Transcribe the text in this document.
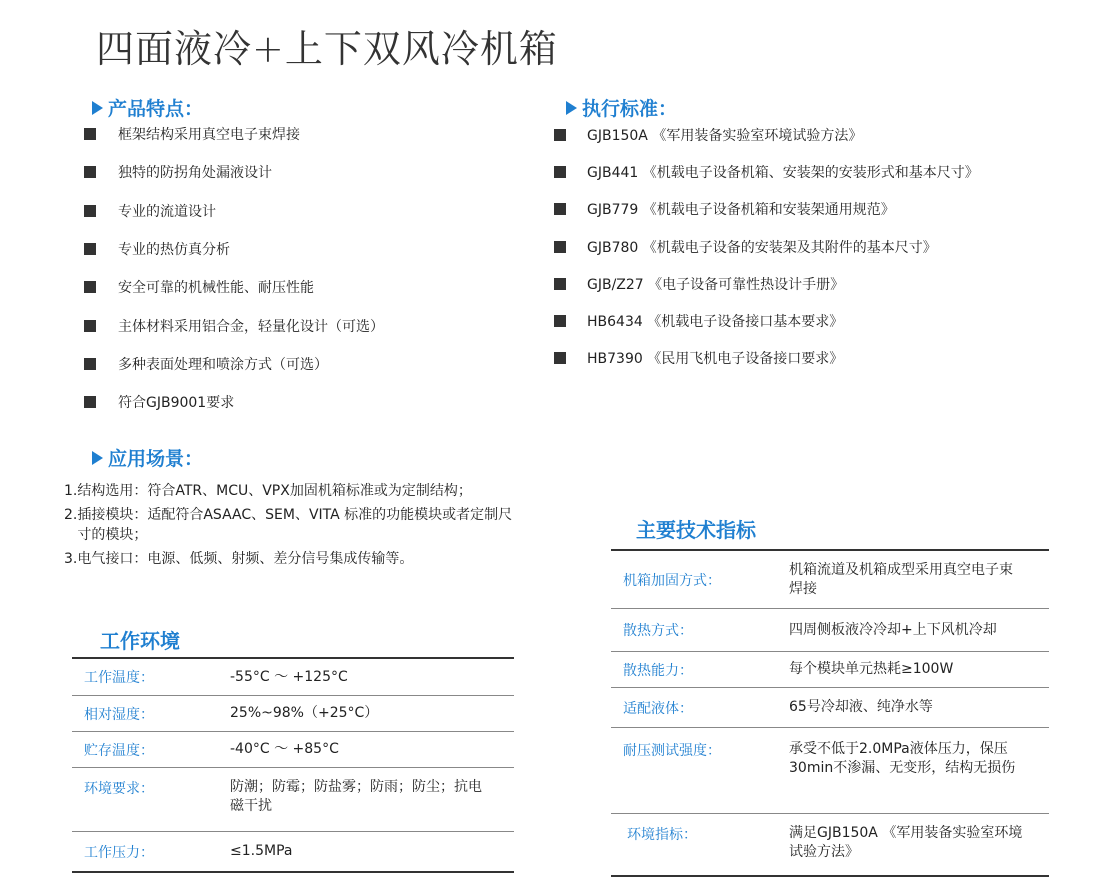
四面液冷+上下双风冷机箱
产品特点：
框架结构采用真空电子束焊接
独特的防拐角处漏液设计
专业的流道设计
专业的热仿真分析
安全可靠的机械性能、耐压性能
主体材料采用铝合金，轻量化设计（可选）
多种表面处理和喷涂方式（可选）
符合GJB9001要求
执行标准：
GJB150A 《军用装备实验室环境试验方法》
GJB441 《机载电子设备机箱、安装架的安装形式和基本尺寸》
GJB779 《机载电子设备机箱和安装架通用规范》
GJB780 《机载电子设备的安装架及其附件的基本尺寸》
GJB/Z27 《电子设备可靠性热设计手册》
HB6434 《机载电子设备接口基本要求》
HB7390 《民用飞机电子设备接口要求》
应用场景：
1. 结构选用：符合ATR、MCU、VPX加固机箱标准或为定制结构；
2. 插接模块：适配符合ASAAC、SEM、VITA 标准的功能模块或者定制尺寸的模块；
3. 电气接口：电源、低频、射频、差分信号集成传输等。
工作环境
工作温度：	-55°C ～ +125°C
相对湿度：	25%~98%（+25°C）
贮存温度：	-40°C ～ +85°C
环境要求：	防潮；防霉；防盐雾；防雨；防尘；抗电磁干扰
工作压力：	≤1.5MPa
主要技术指标
机箱加固方式：
机箱流道及机箱成型采用真空电子束焊接
散热方式：	四周侧板液冷冷却+上下风机冷却
散热能力：	每个模块单元热耗≥100W
适配液体：	65号冷却液、纯净水等
耐压测试强度：	承受不低于2.0MPa液体压力，保压30min不渗漏、无变形，结构无损伤
环境指标：	满足GJB150A 《军用装备实验室环境试验方法》
